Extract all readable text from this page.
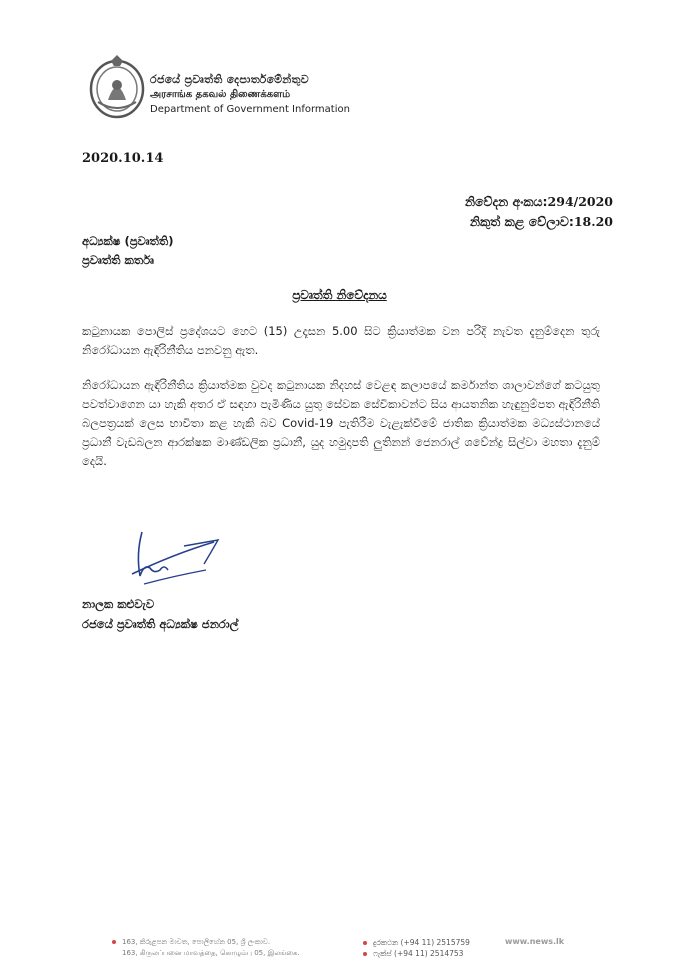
රජයේ ප්‍රවෘත්ති දෙපාර්තමේන්තුව
அரசாங்க தகவல் திணைக்களம்
Department of Government Information
2020.10.14
නිවේදන අංකය:294/2020
නිකුත් කළ වේලාව:18.20
අධ්‍යක්ෂ (ප්‍රවෘත්ති)
ප්‍රවෘත්ති කර්තෘ
ප්‍රවෘත්ති නිවේදනය
කටුනායක පොලිස් ප්‍රදේශයට හෙට (15) උදෑසන 5.00 සිට ක්‍රියාත්මක වන පරිදි නැවත දැනුම්දෙන තුරු නිරෝධායන ඇඳිරිනීතිය පනවනු ඇත.
නිරෝධායන ඇඳිරිනීතිය ක්‍රියාත්මක වුවද කටුනායක නිදහස් වෙළඳ කලාපයේ කර්මාන්ත ශාලාවන්ගේ කටයුතු පවත්වාගෙන යා හැකි අතර ඒ සඳහා පැමිණිය යුතු සේවක සේවිකාවන්ට සිය ආයතනික හැඳුනුම්පත ඇඳිරිනීති බලපත්‍රයක් ලෙස භාවිතා කළ හැකි බව Covid-19 පැතිරීම වැළැක්වීමේ ජාතික ක්‍රියාත්මක මධ්‍යස්ථානයේ ප්‍රධානී වැඩබලන ආරක්ෂක මාණ්ඩලික ප්‍රධානී, යුද හමුදාපති ලුතිනන් ජෙනරාල් ශවේන්ද්‍ර සිල්වා මහතා දැනුම් දෙයි.
නාලක කළුවැව
රජයේ ප්‍රවෘත්ති අධ්‍යක්ෂ ජනරාල්
163, කිරුළපන මාවත, පොලිහේන 05, ශ්‍රී ලංකාව.
163, கிருலப்பனை மாவத்தை, கொழும்பு 05, இலங்கை.
දුරකථන (+94 11) 2515759
ෆැක්ස් (+94 11) 2514753
www.news.lk
